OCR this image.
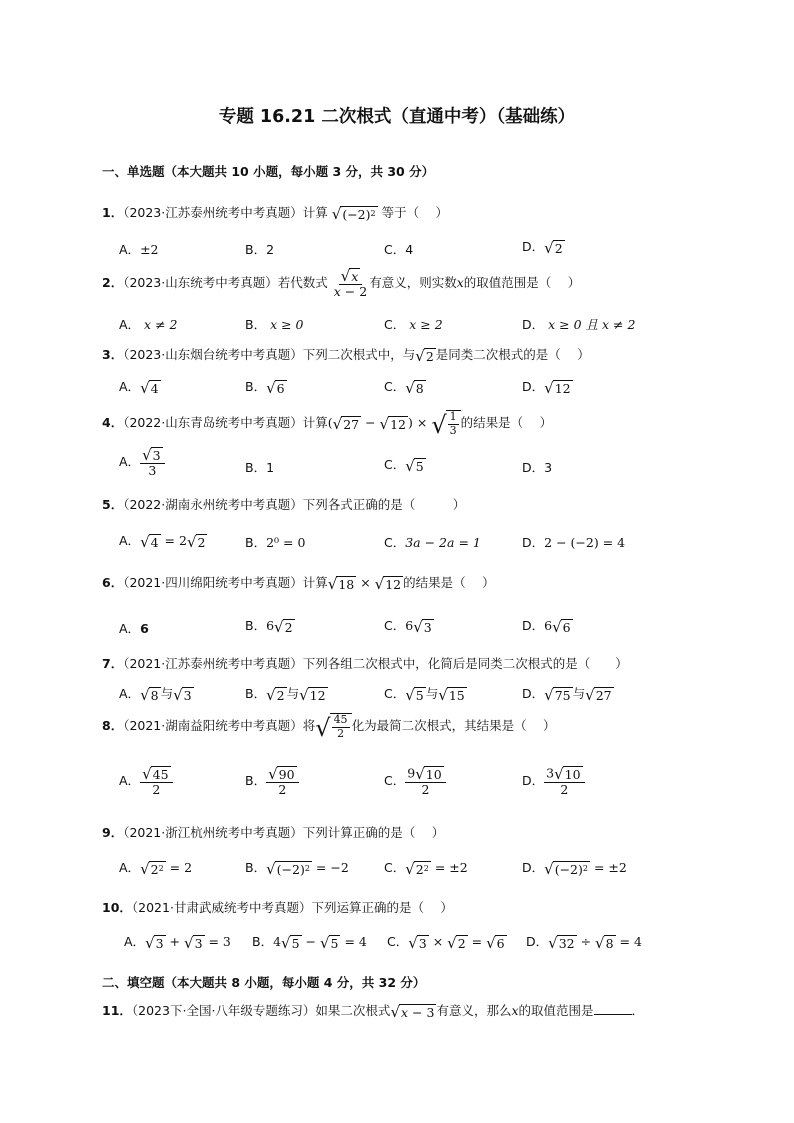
专题 16.21 二次根式（直通中考）（基础练）
一、单选题（本大题共 10 小题，每小题 3 分，共 30 分）
1．（2023·江苏泰州统考中考真题）计算 √ (−2) 2 等于（　 ）
A．±2	B．2	C．4	D． √ 2
2．（2023·山东统考中考真题）若代数式 $\frac{√ x}{x - 2}$ 有意义，则实数x的取值范围是（　 ）
A． x ≠ 2	B． x ≥ 0	C． x ≥ 2	D． x ≥ 0 且 x ≠ 2
3．（2023·山东烟台统考中考真题）下列二次根式中，与 √ 2 是同类二次根式的是（　 ）
A． √ 4	B． √ 6	C． √ 8	D． √ 12
4．（2022·山东青岛统考中考真题）计算( √ 27 − √ 12 ) × √ $\frac{1}{3}$ 的结果是（　 ）
A． $\frac{√ 3}{3}$	B．1	C． √ 5	D．3
5．（2022·湖南永州统考中考真题）下列各式正确的是（　　　）
A． √ 4 = 2 √ 2	B．2⁰ = 0	C．3a − 2a = 1	D．2 − (−2) = 4
6．（2021·四川绵阳统考中考真题）计算 √ 18 × √ 12 的结果是（　 ）
A．6	B．6 √ 2	C．6 √ 3	D．6 √ 6
7．（2021·江苏泰州统考中考真题）下列各组二次根式中，化简后是同类二次根式的是（　　）
A． √ 8 与 √ 3	B． √ 2 与 √ 12	C． √ 5 与 √ 15	D． √ 75 与 √ 27
8．（2021·湖南益阳统考中考真题）将 √ $\frac{45}{2}$ 化为最简二次根式，其结果是（　 ）
A． $\frac{√ 45}{2}$	B． $\frac{√ 90}{2}$	C． $\frac{9 √ 10}{2}$	D． $\frac{3 √ 10}{2}$
9．（2021·浙江杭州统考中考真题）下列计算正确的是（　 ）
A． √ 2 2 = 2	B． √ (−2) 2 = −2	C． √ 2 2 = ±2	D． √ (−2) 2 = ±2
10．（2021·甘肃武威统考中考真题）下列运算正确的是（　 ）
A． √ 3 + √ 3 = 3 B．4 √ 5 − √ 5 = 4 C． √ 3 × √ 2 = √ 6 D． √ 32 ÷ √ 8 = 4
二、填空题（本大题共 8 小题，每小题 4 分，共 32 分）
11．（2023下·全国·八年级专题练习）如果二次根式 √ x − 3 有意义，那么x的取值范围是	．
